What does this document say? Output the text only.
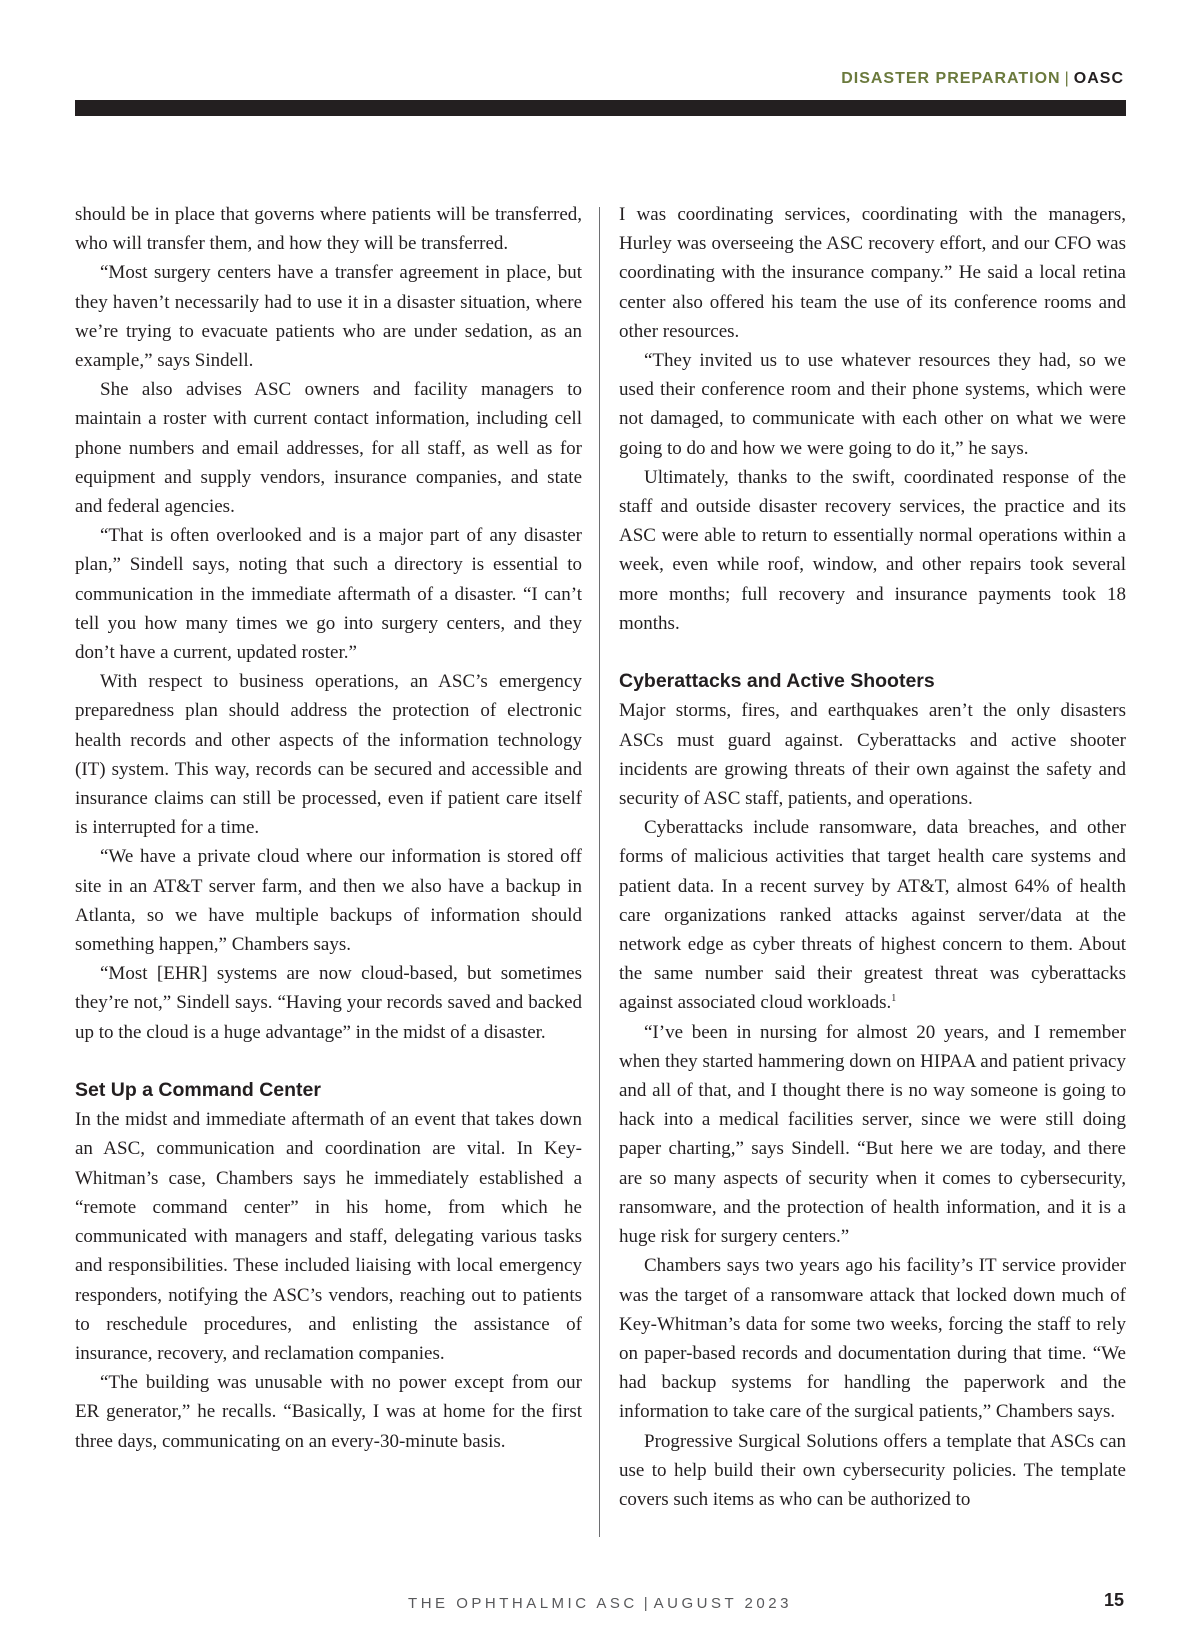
DISASTER PREPARATION | OASC

should be in place that governs where patients will be transferred, who will transfer them, and how they will be transferred.

“Most surgery centers have a transfer agreement in place, but they haven’t necessarily had to use it in a disaster situation, where we’re trying to evacuate patients who are under sedation, as an example,” says Sindell.

She also advises ASC owners and facility managers to maintain a roster with current contact information, including cell phone numbers and email addresses, for all staff, as well as for equipment and supply vendors, insurance companies, and state and federal agencies.

“That is often overlooked and is a major part of any disaster plan,” Sindell says, noting that such a directory is essential to communication in the immediate aftermath of a disaster. “I can’t tell you how many times we go into surgery centers, and they don’t have a current, updated roster.”

With respect to business operations, an ASC’s emergency preparedness plan should address the protection of electronic health records and other aspects of the information technology (IT) system. This way, records can be secured and accessible and insurance claims can still be processed, even if patient care itself is interrupted for a time.

“We have a private cloud where our information is stored off site in an AT&T server farm, and then we also have a backup in Atlanta, so we have multiple backups of information should something happen,” Chambers says.

“Most [EHR] systems are now cloud-based, but sometimes they’re not,” Sindell says. “Having your records saved and backed up to the cloud is a huge advantage” in the midst of a disaster.

Set Up a Command Center

In the midst and immediate aftermath of an event that takes down an ASC, communication and coordination are vital. In Key-Whitman’s case, Chambers says he immediately established a “remote command center” in his home, from which he communicated with managers and staff, delegating various tasks and responsibilities. These included liaising with local emergency responders, notifying the ASC’s vendors, reaching out to patients to reschedule procedures, and enlisting the assistance of insurance, recovery, and reclamation companies.

“The building was unusable with no power except from our ER generator,” he recalls. “Basically, I was at home for the first three days, communicating on an every-30-minute basis.

I was coordinating services, coordinating with the managers, Hurley was overseeing the ASC recovery effort, and our CFO was coordinating with the insurance company.” He said a local retina center also offered his team the use of its conference rooms and other resources.

“They invited us to use whatever resources they had, so we used their conference room and their phone systems, which were not damaged, to communicate with each other on what we were going to do and how we were going to do it,” he says.

Ultimately, thanks to the swift, coordinated response of the staff and outside disaster recovery services, the practice and its ASC were able to return to essentially normal operations within a week, even while roof, window, and other repairs took several more months; full recovery and insurance payments took 18 months.

Cyberattacks and Active Shooters

Major storms, fires, and earthquakes aren’t the only disasters ASCs must guard against. Cyberattacks and active shooter incidents are growing threats of their own against the safety and security of ASC staff, patients, and operations.

Cyberattacks include ransomware, data breaches, and other forms of malicious activities that target health care systems and patient data. In a recent survey by AT&T, almost 64% of health care organizations ranked attacks against server/data at the network edge as cyber threats of highest concern to them. About the same number said their greatest threat was cyberattacks against associated cloud workloads.$^1$

“I’ve been in nursing for almost 20 years, and I remember when they started hammering down on HIPAA and patient privacy and all of that, and I thought there is no way someone is going to hack into a medical facilities server, since we were still doing paper charting,” says Sindell. “But here we are today, and there are so many aspects of security when it comes to cybersecurity, ransomware, and the protection of health information, and it is a huge risk for surgery centers.”

Chambers says two years ago his facility’s IT service provider was the target of a ransomware attack that locked down much of Key-Whitman’s data for some two weeks, forcing the staff to rely on paper-based records and documentation during that time. “We had backup systems for handling the paperwork and the information to take care of the surgical patients,” Chambers says.

Progressive Surgical Solutions offers a template that ASCs can use to help build their own cybersecurity policies. The template covers such items as who can be authorized to

THE OPHTHALMIC ASC | AUGUST 2023	15
